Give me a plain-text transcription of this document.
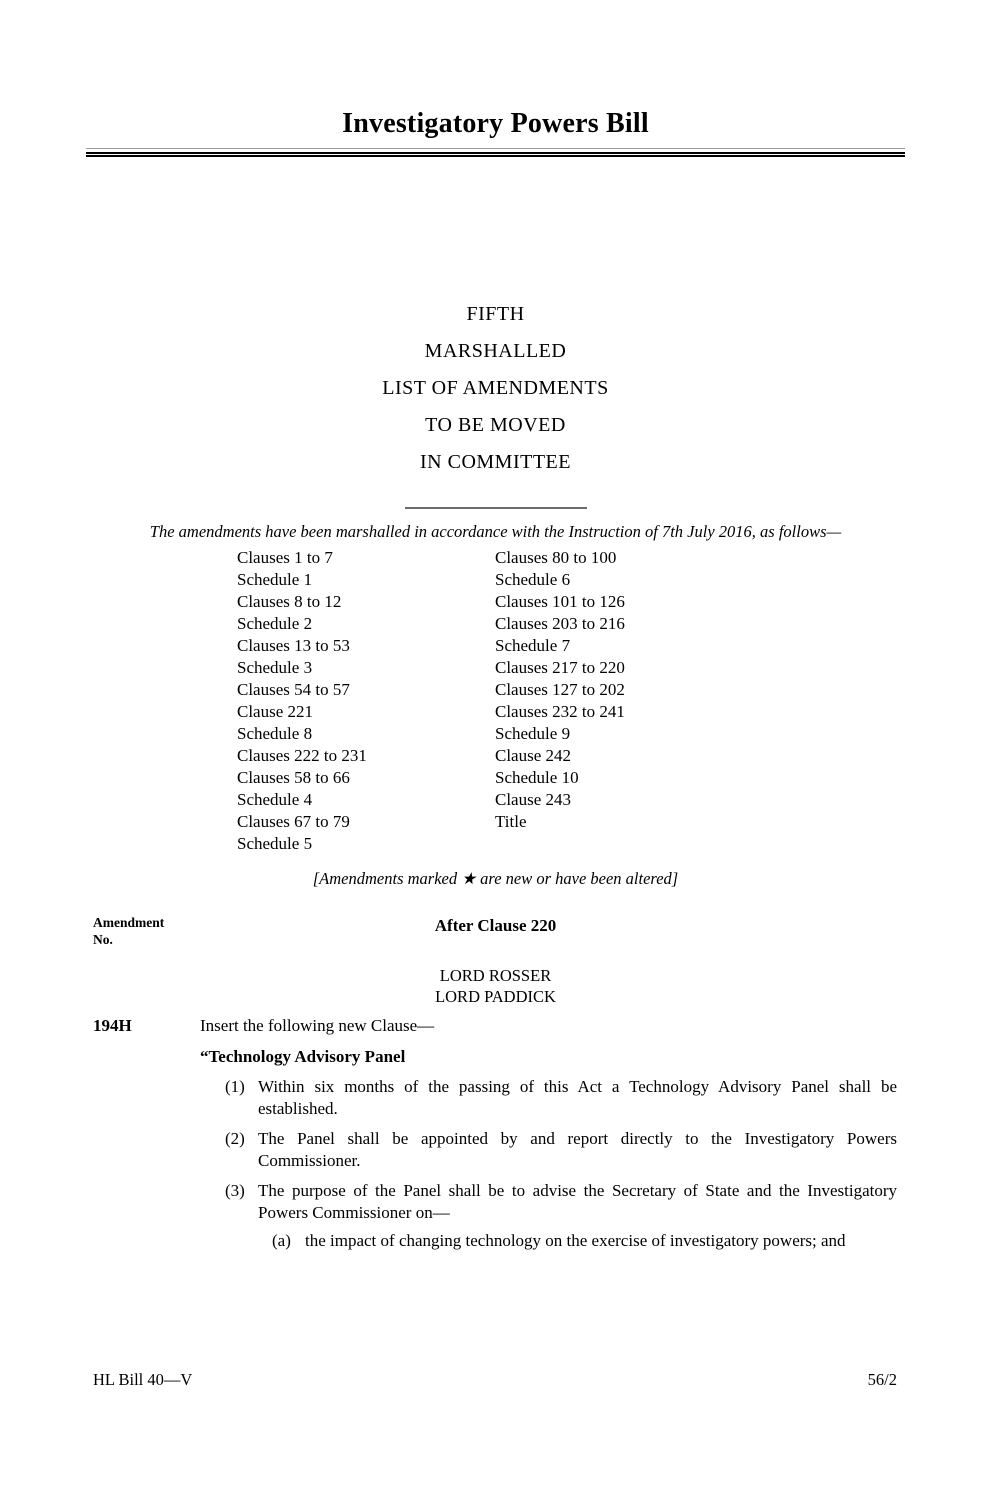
Investigatory Powers Bill
FIFTH
MARSHALLED
LIST OF AMENDMENTS
TO BE MOVED
IN COMMITTEE

The amendments have been marshalled in accordance with the Instruction of 7th July 2016, as follows—

Clauses 1 to 7
Schedule 1
Clauses 8 to 12
Schedule 2
Clauses 13 to 53
Schedule 3
Clauses 54 to 57
Clause 221
Schedule 8
Clauses 222 to 231
Clauses 58 to 66
Schedule 4
Clauses 67 to 79
Schedule 5
Clauses 80 to 100
Schedule 6
Clauses 101 to 126
Clauses 203 to 216
Schedule 7
Clauses 217 to 220
Clauses 127 to 202
Clauses 232 to 241
Schedule 9
Clause 242
Schedule 10
Clause 243
Title

[Amendments marked ★ are new or have been altered]

Amendment
No.
After Clause 220
LORD ROSSER
LORD PADDICK
194H	Insert the following new Clause—
“Technology Advisory Panel
(1) Within six months of the passing of this Act a Technology Advisory Panel shall be established.

(2) The Panel shall be appointed by and report directly to the Investigatory Powers Commissioner.

(3) The purpose of the Panel shall be to advise the Secretary of State and the Investigatory Powers Commissioner on—

(a) the impact of changing technology on the exercise of investigatory powers; and

HL Bill 40—V	56/2
